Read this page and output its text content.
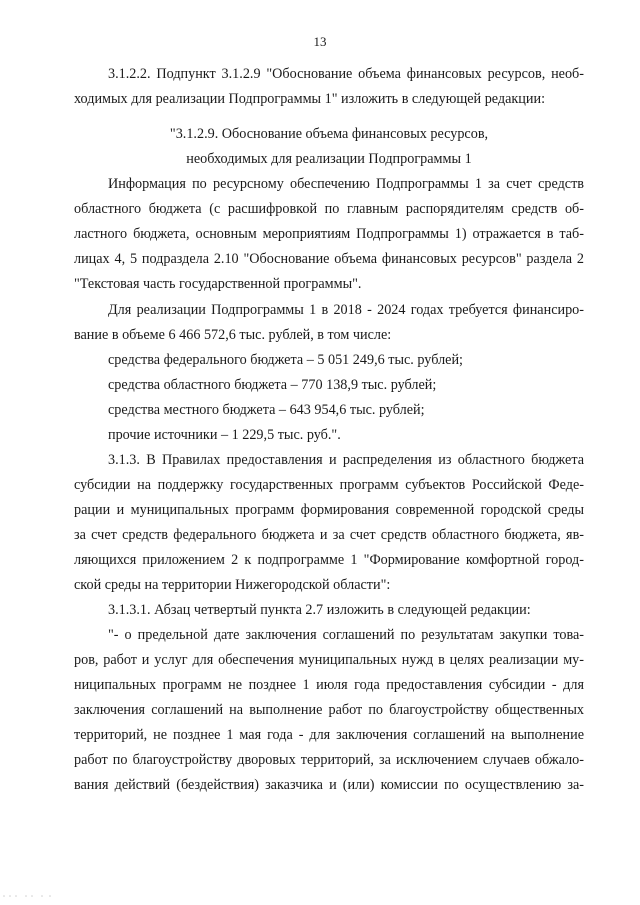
13
3.1.2.2. Подпункт 3.1.2.9 "Обоснование объема финансовых ресурсов, необ-
ходимых для реализации Подпрограммы 1" изложить в следующей редакции:
"3.1.2.9. Обоснование объема финансовых ресурсов,
необходимых для реализации Подпрограммы 1
Информация по ресурсному обеспечению Подпрограммы 1 за счет средств
областного бюджета (с расшифровкой по главным распорядителям средств об-
ластного бюджета, основным мероприятиям Подпрограммы 1) отражается в таб-
лицах 4, 5 подраздела 2.10 "Обоснование объема финансовых ресурсов" раздела 2
"Текстовая часть государственной программы".
Для реализации Подпрограммы 1 в 2018 - 2024 годах требуется финансиро-
вание в объеме 6 466 572,6 тыс. рублей, в том числе:
средства федерального бюджета – 5 051 249,6 тыс. рублей;
средства областного бюджета – 770 138,9 тыс. рублей;
средства местного бюджета – 643 954,6 тыс. рублей;
прочие источники – 1 229,5 тыс. руб.".
3.1.3. В Правилах предоставления и распределения из областного бюджета
субсидии на поддержку государственных программ субъектов Российской Феде-
рации и муниципальных программ формирования современной городской среды
за счет средств федерального бюджета и за счет средств областного бюджета, яв-
ляющихся приложением 2 к подпрограмме 1 "Формирование комфортной город-
ской среды на территории Нижегородской области":
3.1.3.1. Абзац четвертый пункта 2.7 изложить в следующей редакции:
"- о предельной дате заключения соглашений по результатам закупки това-
ров, работ и услуг для обеспечения муниципальных нужд в целях реализации му-
ниципальных программ не позднее 1 июля года предоставления субсидии - для
заключения соглашений на выполнение работ по благоустройству общественных
территорий, не позднее 1 мая года - для заключения соглашений на выполнение
работ по благоустройству дворовых территорий, за исключением случаев обжало-
вания действий (бездействия) заказчика и (или) комиссии по осуществлению за-
